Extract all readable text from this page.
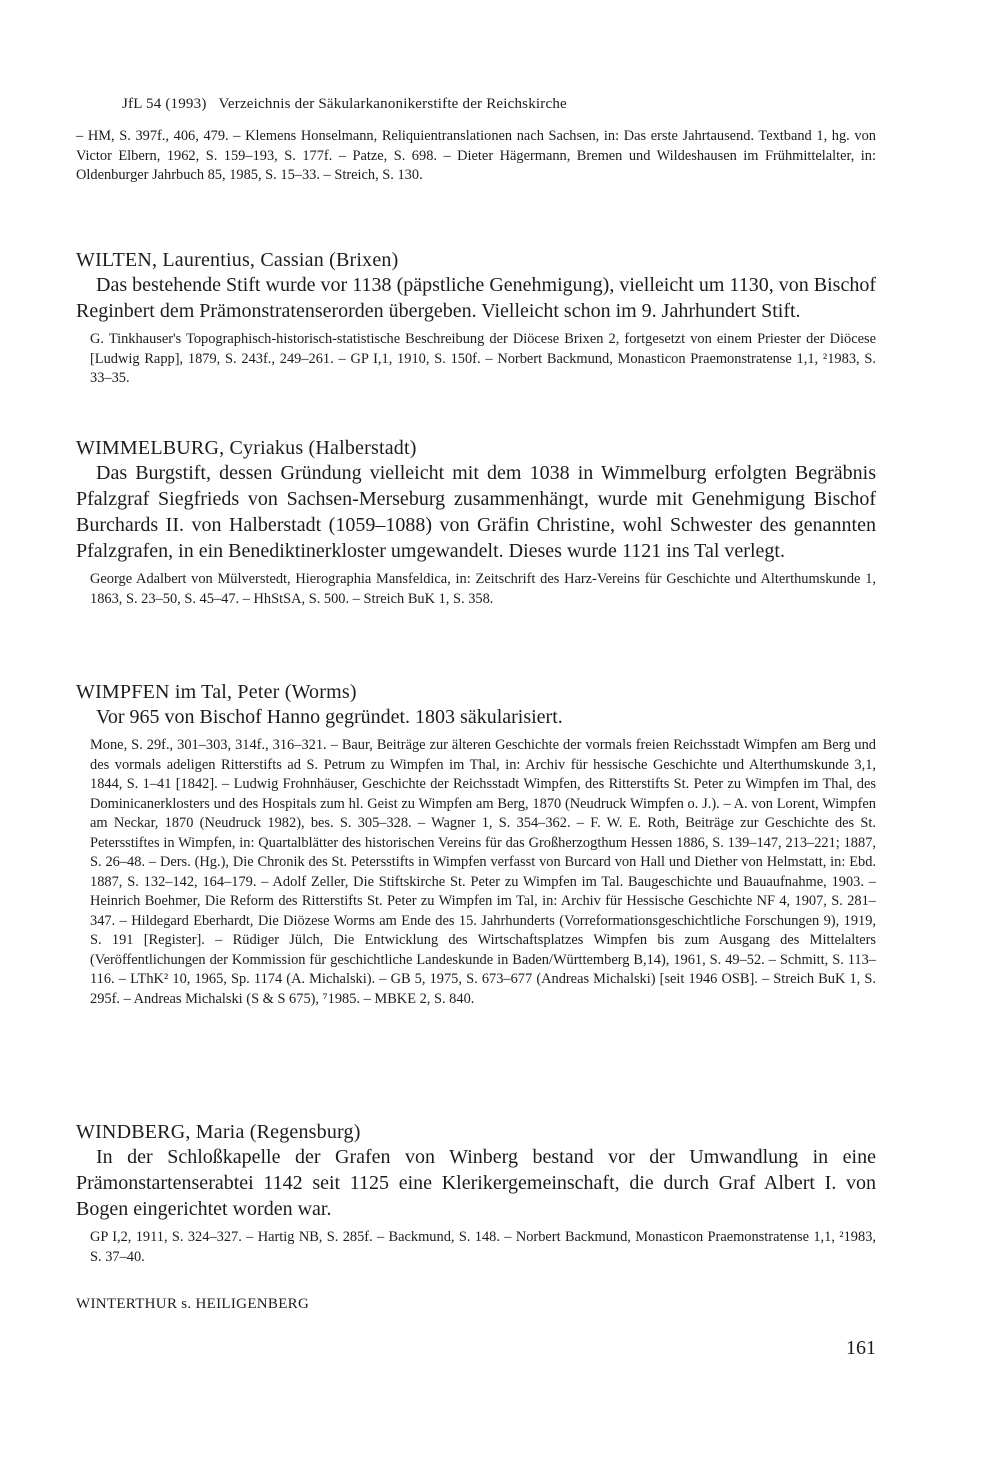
JfL 54 (1993) Verzeichnis der Säkularkanonikerstifte der Reichskirche

– HM, S. 397f., 406, 479. – Klemens Honselmann, Reliquientranslationen nach Sachsen, in: Das erste Jahrtausend. Textband 1, hg. von Victor Elbern, 1962, S. 159–193, S. 177f. – Patze, S. 698. – Dieter Hägermann, Bremen und Wildeshausen im Frühmittelalter, in: Oldenburger Jahrbuch 85, 1985, S. 15–33. – Streich, S. 130.

WILTEN, Laurentius, Cassian (Brixen)

Das bestehende Stift wurde vor 1138 (päpstliche Genehmigung), vielleicht um 1130, von Bischof Reginbert dem Prämonstratenserorden übergeben. Vielleicht schon im 9. Jahrhundert Stift.

G. Tinkhauser's Topographisch-historisch-statistische Beschreibung der Diöcese Brixen 2, fortgesetzt von einem Priester der Diöcese [Ludwig Rapp], 1879, S. 243f., 249–261. – GP I,1, 1910, S. 150f. – Norbert Backmund, Monasticon Praemonstratense 1,1, ²1983, S. 33–35.

WIMMELBURG, Cyriakus (Halberstadt)

Das Burgstift, dessen Gründung vielleicht mit dem 1038 in Wimmelburg erfolgten Begräbnis Pfalzgraf Siegfrieds von Sachsen-Merseburg zusammenhängt, wurde mit Genehmigung Bischof Burchards II. von Halberstadt (1059–1088) von Gräfin Christine, wohl Schwester des genannten Pfalzgrafen, in ein Benediktinerkloster umgewandelt. Dieses wurde 1121 ins Tal verlegt.

George Adalbert von Mülverstedt, Hierographia Mansfeldica, in: Zeitschrift des Harz-Vereins für Geschichte und Alterthumskunde 1, 1863, S. 23–50, S. 45–47. – HhStSA, S. 500. – Streich BuK 1, S. 358.

WIMPFEN im Tal, Peter (Worms)

Vor 965 von Bischof Hanno gegründet. 1803 säkularisiert.

Mone, S. 29f., 301–303, 314f., 316–321. – Baur, Beiträge zur älteren Geschichte der vormals freien Reichsstadt Wimpfen am Berg und des vormals adeligen Ritterstifts ad S. Petrum zu Wimpfen im Thal, in: Archiv für hessische Geschichte und Alterthumskunde 3,1, 1844, S. 1–41 [1842]. – Ludwig Frohnhäuser, Geschichte der Reichsstadt Wimpfen, des Ritterstifts St. Peter zu Wimpfen im Thal, des Dominicanerklosters und des Hospitals zum hl. Geist zu Wimpfen am Berg, 1870 (Neudruck Wimpfen o. J.). – A. von Lorent, Wimpfen am Neckar, 1870 (Neudruck 1982), bes. S. 305–328. – Wagner 1, S. 354–362. – F. W. E. Roth, Beiträge zur Geschichte des St. Petersstiftes in Wimpfen, in: Quartalblätter des historischen Vereins für das Großherzogthum Hessen 1886, S. 139–147, 213–221; 1887, S. 26–48. – Ders. (Hg.), Die Chronik des St. Petersstifts in Wimpfen verfasst von Burcard von Hall und Diether von Helmstatt, in: Ebd. 1887, S. 132–142, 164–179. – Adolf Zeller, Die Stiftskirche St. Peter zu Wimpfen im Tal. Baugeschichte und Bauaufnahme, 1903. – Heinrich Boehmer, Die Reform des Ritterstifts St. Peter zu Wimpfen im Tal, in: Archiv für Hessische Geschichte NF 4, 1907, S. 281–347. – Hildegard Eberhardt, Die Diözese Worms am Ende des 15. Jahrhunderts (Vorreformationsgeschichtliche Forschungen 9), 1919, S. 191 [Register]. – Rüdiger Jülch, Die Entwicklung des Wirtschaftsplatzes Wimpfen bis zum Ausgang des Mittelalters (Veröffentlichungen der Kommission für geschichtliche Landeskunde in Baden/Württemberg B,14), 1961, S. 49–52. – Schmitt, S. 113–116. – LThK² 10, 1965, Sp. 1174 (A. Michalski). – GB 5, 1975, S. 673–677 (Andreas Michalski) [seit 1946 OSB]. – Streich BuK 1, S. 295f. – Andreas Michalski (S & S 675), ⁷1985. – MBKE 2, S. 840.

WINDBERG, Maria (Regensburg)

In der Schloßkapelle der Grafen von Winberg bestand vor der Umwandlung in eine Prämonstartenserabtei 1142 seit 1125 eine Klerikergemeinschaft, die durch Graf Albert I. von Bogen eingerichtet worden war.

GP I,2, 1911, S. 324–327. – Hartig NB, S. 285f. – Backmund, S. 148. – Norbert Backmund, Monasticon Praemonstratense 1,1, ²1983, S. 37–40.

WINTERTHUR s. HEILIGENBERG
161
